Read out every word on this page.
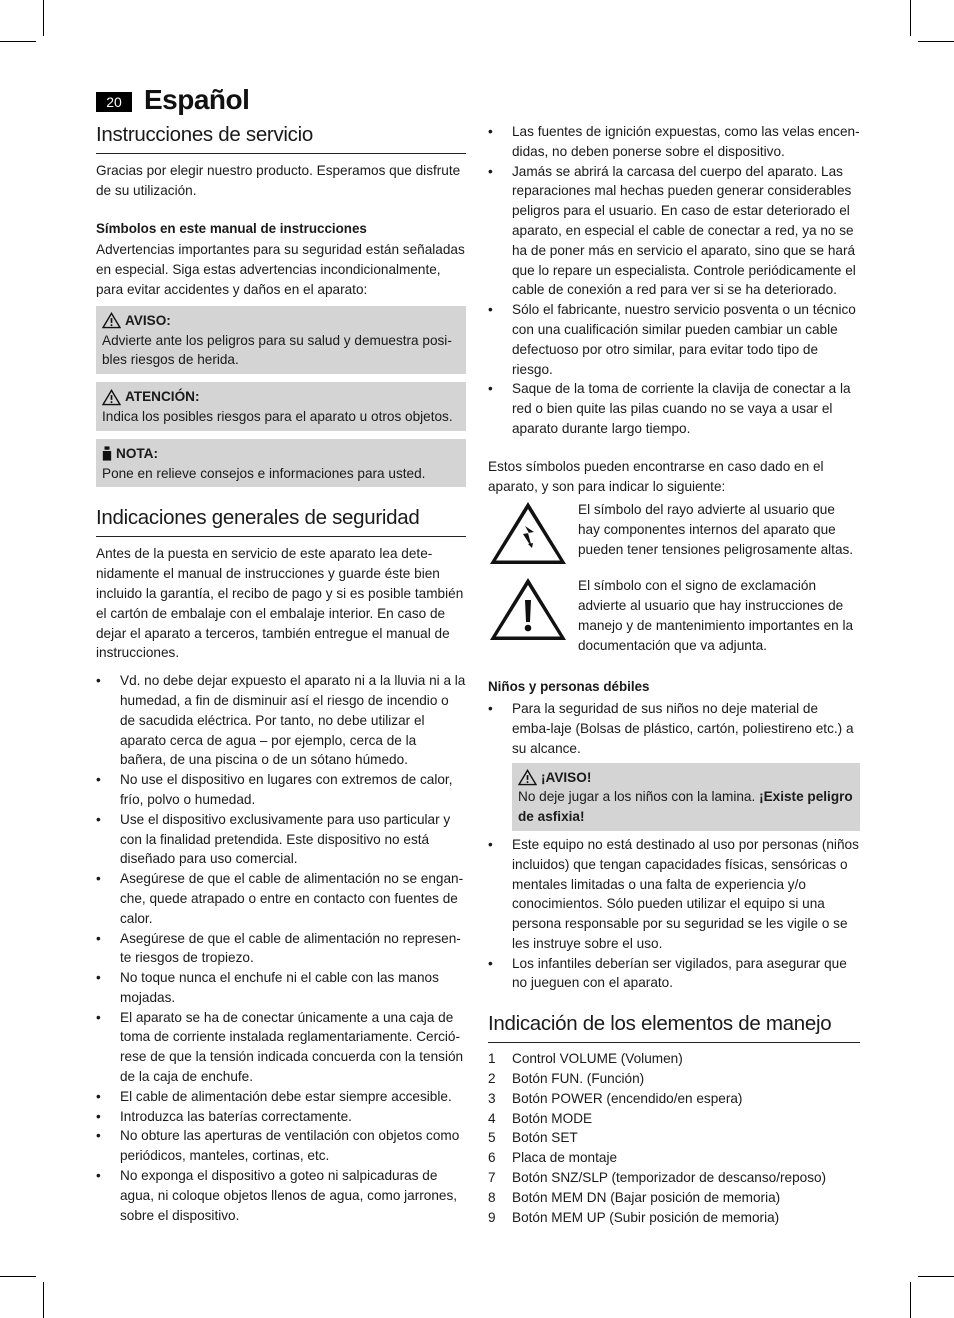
20 Español
Instrucciones de servicio

Gracias por elegir nuestro producto. Esperamos que disfrute de su utilización.

Símbolos en este manual de instrucciones

Advertencias importantes para su seguridad están señaladas en especial. Siga estas advertencias incondicionalmente, para evitar accidentes y daños en el aparato:

AVISO:

Advierte ante los peligros para su salud y demuestra posi-bles riesgos de herida.

ATENCIÓN:

Indica los posibles riesgos para el aparato u otros objetos.

NOTA:

Pone en relieve consejos e informaciones para usted.

Indicaciones generales de seguridad

Antes de la puesta en servicio de este aparato lea dete-nidamente el manual de instrucciones y guarde éste bien incluido la garantía, el recibo de pago y si es posible también el cartón de embalaje con el embalaje interior. En caso de dejar el aparato a terceros, también entregue el manual de instrucciones.

• Vd. no debe dejar expuesto el aparato ni a la lluvia ni a la humedad, a fin de disminuir así el riesgo de incendio o de sacudida eléctrica. Por tanto, no debe utilizar el aparato cerca de agua – por ejemplo, cerca de la bañera, de una piscina o de un sótano húmedo.
• No use el dispositivo en lugares con extremos de calor, frío, polvo o humedad.
• Use el dispositivo exclusivamente para uso particular y con la finalidad pretendida. Este dispositivo no está diseñado para uso comercial.
• Asegúrese de que el cable de alimentación no se engan-che, quede atrapado o entre en contacto con fuentes de calor.
• Asegúrese de que el cable de alimentación no represen-te riesgos de tropiezo.
• No toque nunca el enchufe ni el cable con las manos mojadas.
• El aparato se ha de conectar únicamente a una caja de toma de corriente instalada reglamentariamente. Cerció-rese de que la tensión indicada concuerda con la tensión de la caja de enchufe.
• El cable de alimentación debe estar siempre accesible.
• Introduzca las baterías correctamente.
• No obture las aperturas de ventilación con objetos como periódicos, manteles, cortinas, etc.
• No exponga el dispositivo a goteo ni salpicaduras de agua, ni coloque objetos llenos de agua, como jarrones, sobre el dispositivo.
• Las fuentes de ignición expuestas, como las velas encen-didas, no deben ponerse sobre el dispositivo.
• Jamás se abrirá la carcasa del cuerpo del aparato. Las reparaciones mal hechas pueden generar considerables peligros para el usuario. En caso de estar deteriorado el aparato, en especial el cable de conectar a red, ya no se ha de poner más en servicio el aparato, sino que se hará que lo repare un especialista. Controle periódicamente el cable de conexión a red para ver si se ha deteriorado.
• Sólo el fabricante, nuestro servicio posventa o un técnico con una cualificación similar pueden cambiar un cable defectuoso por otro similar, para evitar todo tipo de riesgo.
• Saque de la toma de corriente la clavija de conectar a la red o bien quite las pilas cuando no se vaya a usar el aparato durante largo tiempo.

Estos símbolos pueden encontrarse en caso dado en el aparato, y son para indicar lo siguiente:

El símbolo del rayo advierte al usuario que hay componentes internos del aparato que pueden tener tensiones peligrosamente altas.

El símbolo con el signo de exclamación advierte al usuario que hay instrucciones de manejo y de mantenimiento importantes en la documentación que va adjunta.

Niños y personas débiles

• Para la seguridad de sus niños no deje material de emba-laje (Bolsas de plástico, cartón, poliestireno etc.) a su alcance.
¡AVISO!

No deje jugar a los niños con la lamina. ¡Existe peligro de asfixia!

• Este equipo no está destinado al uso por personas (niños incluidos) que tengan capacidades físicas, sensóricas o mentales limitadas o una falta de experiencia y/o conocimientos. Sólo pueden utilizar el equipo si una persona responsable por su seguridad se les vigile o se les instruye sobre el uso.
• Los infantiles deberían ser vigilados, para asegurar que no jueguen con el aparato.
Indicación de los elementos de manejo
1 Control VOLUME (Volumen)
2 Botón FUN. (Función)
3 Botón POWER (encendido/en espera)
4 Botón MODE
5 Botón SET
6 Placa de montaje
7 Botón SNZ/SLP (temporizador de descanso/reposo)
8 Botón MEM DN (Bajar posición de memoria)
9 Botón MEM UP (Subir posición de memoria)
